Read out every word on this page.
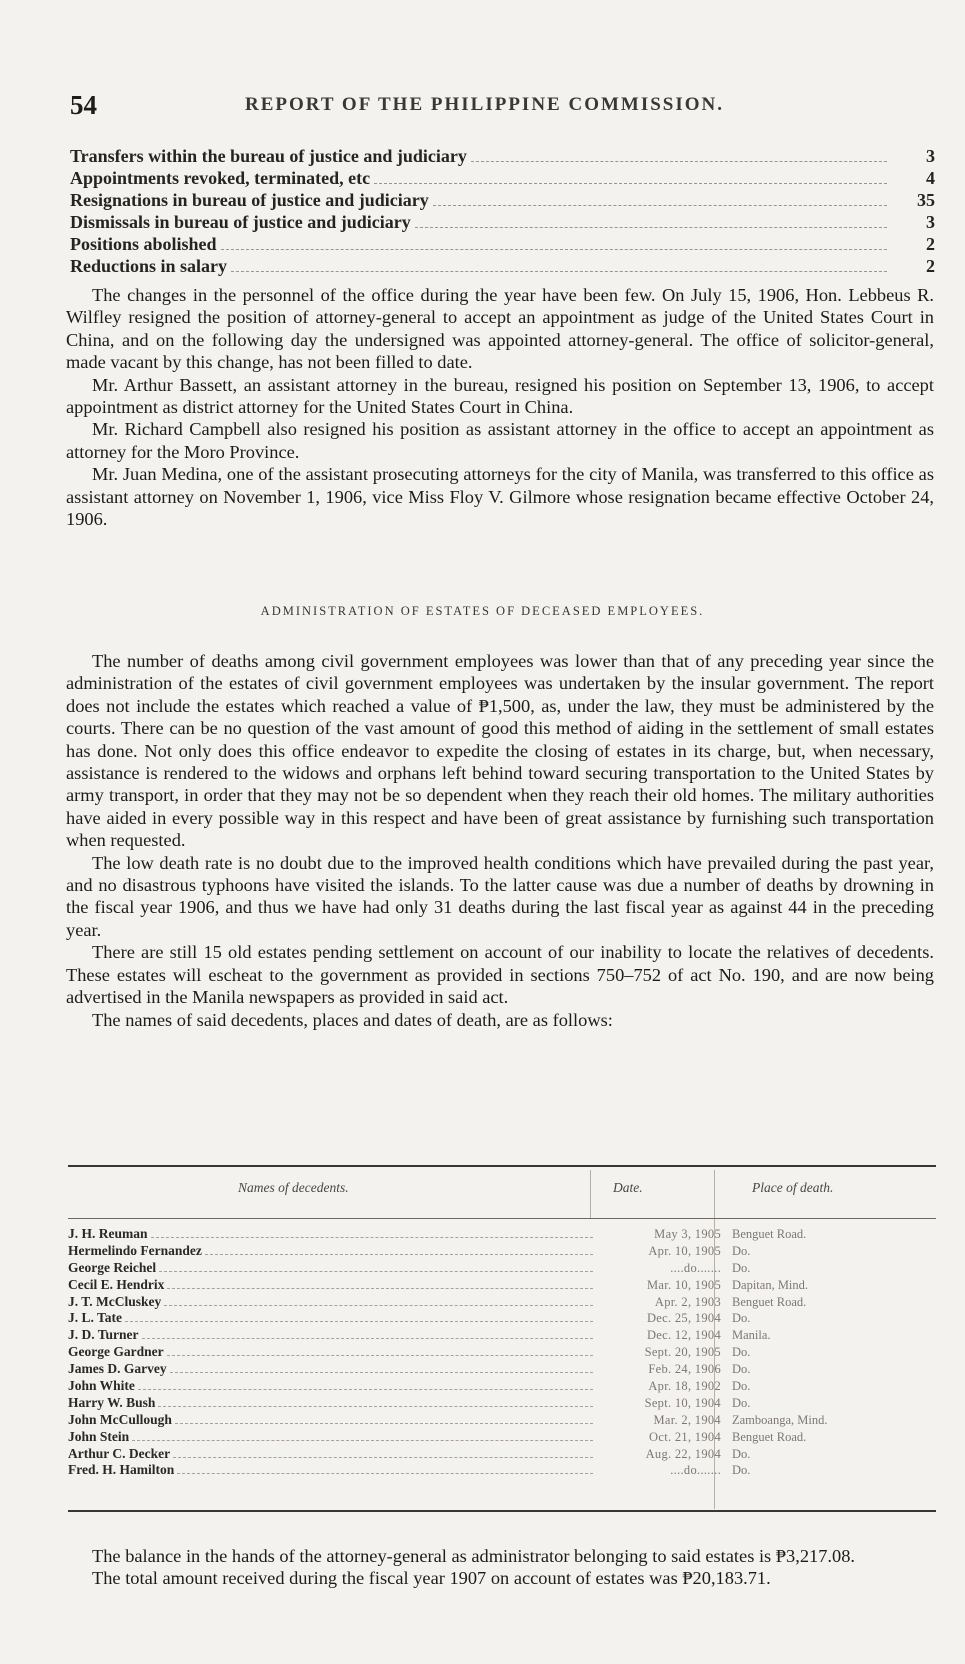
54	REPORT OF THE PHILIPPINE COMMISSION.
Transfers within the bureau of justice and judiciary	3
Appointments revoked, terminated, etc	4
Resignations in bureau of justice and judiciary	35
Dismissals in bureau of justice and judiciary	3
Positions abolished	2
Reductions in salary	2

The changes in the personnel of the office during the year have been few. On July 15, 1906, Hon. Lebbeus R. Wilfley resigned the position of attorney-general to accept an appointment as judge of the United States Court in China, and on the following day the undersigned was appointed attorney-general. The office of solicitor-general, made vacant by this change, has not been filled to date.

Mr. Arthur Bassett, an assistant attorney in the bureau, resigned his position on September 13, 1906, to accept appointment as district attorney for the United States Court in China.

Mr. Richard Campbell also resigned his position as assistant attorney in the office to accept an appointment as attorney for the Moro Province.

Mr. Juan Medina, one of the assistant prosecuting attorneys for the city of Manila, was transferred to this office as assistant attorney on November 1, 1906, vice Miss Floy V. Gilmore whose resignation became effective October 24, 1906.

ADMINISTRATION OF ESTATES OF DECEASED EMPLOYEES.

The number of deaths among civil government employees was lower than that of any preceding year since the administration of the estates of civil government employees was undertaken by the insular government. The report does not include the estates which reached a value of ₱1,500, as, under the law, they must be administered by the courts. There can be no question of the vast amount of good this method of aiding in the settlement of small estates has done. Not only does this office endeavor to expedite the closing of estates in its charge, but, when necessary, assistance is rendered to the widows and orphans left behind toward securing transportation to the United States by army transport, in order that they may not be so dependent when they reach their old homes. The military authorities have aided in every possible way in this respect and have been of great assistance by furnishing such transportation when requested.

The low death rate is no doubt due to the improved health conditions which have prevailed during the past year, and no disastrous typhoons have visited the islands. To the latter cause was due a number of deaths by drowning in the fiscal year 1906, and thus we have had only 31 deaths during the last fiscal year as against 44 in the preceding year.

There are still 15 old estates pending settlement on account of our inability to locate the relatives of decedents. These estates will escheat to the government as provided in sections 750–752 of act No. 190, and are now being advertised in the Manila newspapers as provided in said act.

The names of said decedents, places and dates of death, are as follows:

Names of decedents.	Date.	Place of death.
J. H. Reuman	May 3, 1905 Benguet Road.
Hermelindo Fernandez	Apr. 10, 1905 Do.
George Reichel	....do....... Do.
Cecil E. Hendrix	Mar. 10, 1905 Dapitan, Mind.
J. T. McCluskey	Apr. 2, 1903 Benguet Road.
J. L. Tate	Dec. 25, 1904 Do.
J. D. Turner	Dec. 12, 1904 Manila.
George Gardner	Sept. 20, 1905 Do.
James D. Garvey	Feb. 24, 1906 Do.
John White	Apr. 18, 1902 Do.
Harry W. Bush	Sept. 10, 1904 Do.
John McCullough	Mar. 2, 1904 Zamboanga, Mind.
John Stein	Oct. 21, 1904 Benguet Road.
Arthur C. Decker	Aug. 22, 1904 Do.
Fred. H. Hamilton	....do....... Do.

The balance in the hands of the attorney-general as administrator belonging to said estates is ₱3,217.08.

The total amount received during the fiscal year 1907 on account of estates was ₱20,183.71.
